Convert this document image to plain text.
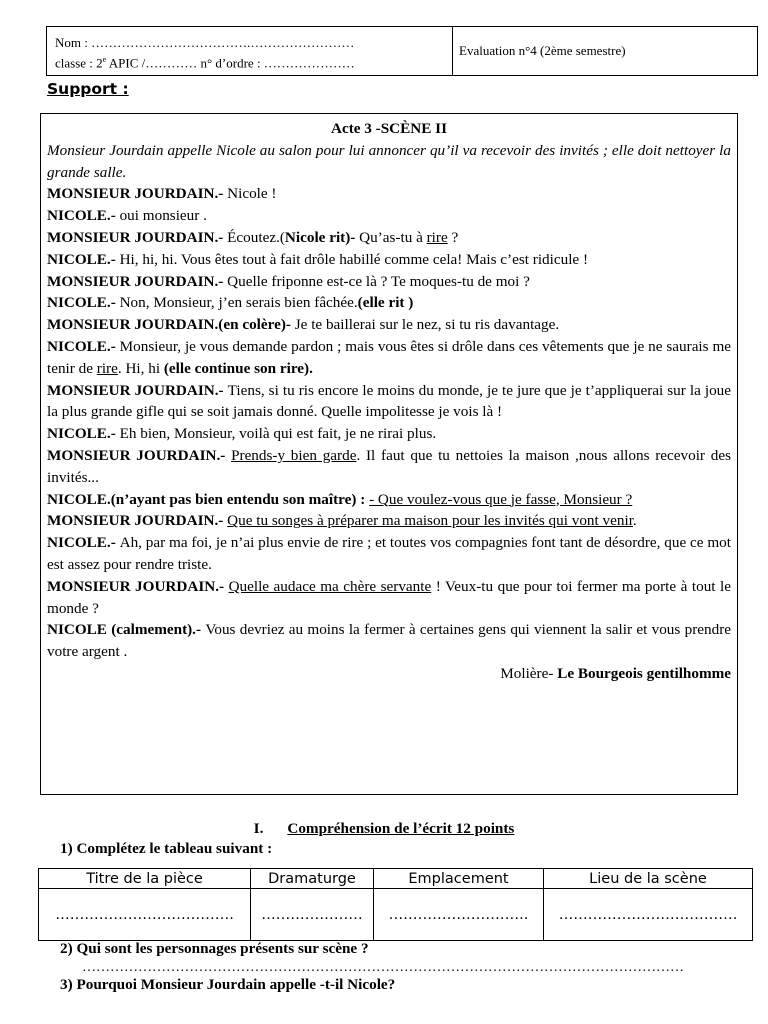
Nom : ……………………………….……………………
classe : 2e APIC /………… n° d’ordre : …………………
Evaluation n°4 (2ème semestre)
Support :

Acte 3 -SCÈNE II

Monsieur Jourdain appelle Nicole au salon pour lui annoncer qu’il va recevoir des invités ; elle doit nettoyer la grande salle.

MONSIEUR JOURDAIN.- Nicole !

NICOLE.- oui monsieur .

MONSIEUR JOURDAIN.- Écoutez.(Nicole rit)- Qu’as-tu à rire ?

NICOLE.- Hi, hi, hi. Vous êtes tout à fait drôle habillé comme cela! Mais c’est ridicule !

MONSIEUR JOURDAIN.- Quelle friponne est-ce là ? Te moques-tu de moi ?

NICOLE.- Non, Monsieur, j’en serais bien fâchée.(elle rit )

MONSIEUR JOURDAIN.(en colère)- Je te baillerai sur le nez, si tu ris davantage.

NICOLE.- Monsieur, je vous demande pardon ; mais vous êtes si drôle dans ces vêtements que je ne saurais me tenir de rire. Hi, hi (elle continue son rire).

MONSIEUR JOURDAIN.- Tiens, si tu ris encore le moins du monde, je te jure que je t’appliquerai sur la joue la plus grande gifle qui se soit jamais donné. Quelle impolitesse je vois là !

NICOLE.- Eh bien, Monsieur, voilà qui est fait, je ne rirai plus.

MONSIEUR JOURDAIN.- Prends-y bien garde. Il faut que tu nettoies la maison ,nous allons recevoir des invités...

NICOLE.(n’ayant pas bien entendu son maître) : - Que voulez-vous que je fasse, Monsieur ?

MONSIEUR JOURDAIN.- Que tu songes à préparer ma maison pour les invités qui vont venir.

NICOLE.- Ah, par ma foi, je n’ai plus envie de rire ; et toutes vos compagnies font tant de désordre, que ce mot est assez pour rendre triste.

MONSIEUR JOURDAIN.- Quelle audace ma chère servante ! Veux-tu que pour toi fermer ma porte à tout le monde ?

NICOLE (calmement).- Vous devriez au moins la fermer à certaines gens qui viennent la salir et vous prendre votre argent .

Molière- Le Bourgeois gentilhomme

I. Compréhension de l’écrit 12 points
1) Complétez le tableau suivant :
Titre de la pièce	Dramaturge	Emplacement	Lieu de la scène
……………………………….	…………………	………………………..	……………………………….
2) Qui sont les personnages présents sur scène ?
…………………………………………………………………………………………………………………
3) Pourquoi Monsieur Jourdain appelle -t-il Nicole?
